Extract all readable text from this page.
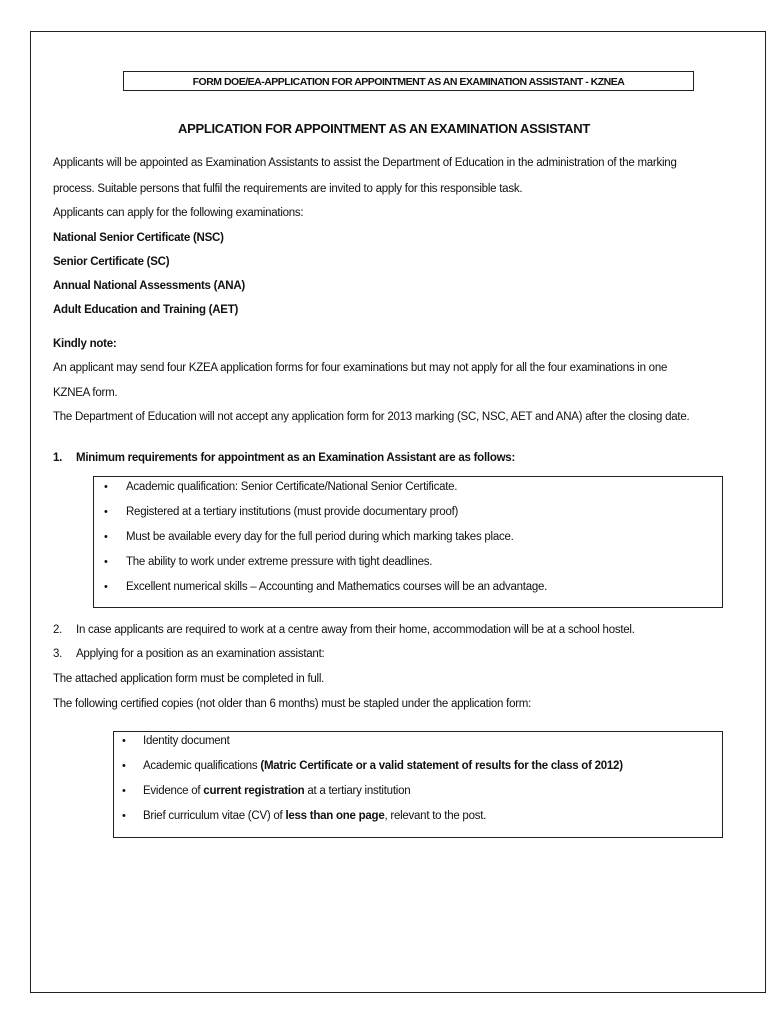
FORM DOE/EA-APPLICATION FOR APPOINTMENT AS AN EXAMINATION ASSISTANT - KZNEA
APPLICATION FOR APPOINTMENT AS AN EXAMINATION ASSISTANT
Applicants will be appointed as Examination Assistants to assist the Department of Education in the administration of the marking
process. Suitable persons that fulfil the requirements are invited to apply for this responsible task.
Applicants can apply for the following examinations:
National Senior Certificate (NSC)
Senior Certificate (SC)
Annual National Assessments (ANA)
Adult Education and Training (AET)
Kindly note:
An applicant may send four KZEA application forms for four examinations but may not apply for all the four examinations in one
KZNEA form.
The Department of Education will not accept any application form for 2013 marking (SC, NSC, AET and ANA) after the closing date.
1. Minimum requirements for appointment as an Examination Assistant are as follows:
• Academic qualification: Senior Certificate/National Senior Certificate.
• Registered at a tertiary institutions (must provide documentary proof)
• Must be available every day for the full period during which marking takes place.
• The ability to work under extreme pressure with tight deadlines.
• Excellent numerical skills – Accounting and Mathematics courses will be an advantage.
2. In case applicants are required to work at a centre away from their home, accommodation will be at a school hostel.
3. Applying for a position as an examination assistant:
The attached application form must be completed in full.
The following certified copies (not older than 6 months) must be stapled under the application form:
• Identity document
• Academic qualifications (Matric Certificate or a valid statement of results for the class of 2012)
• Evidence of current registration at a tertiary institution
• Brief curriculum vitae (CV) of less than one page, relevant to the post.
